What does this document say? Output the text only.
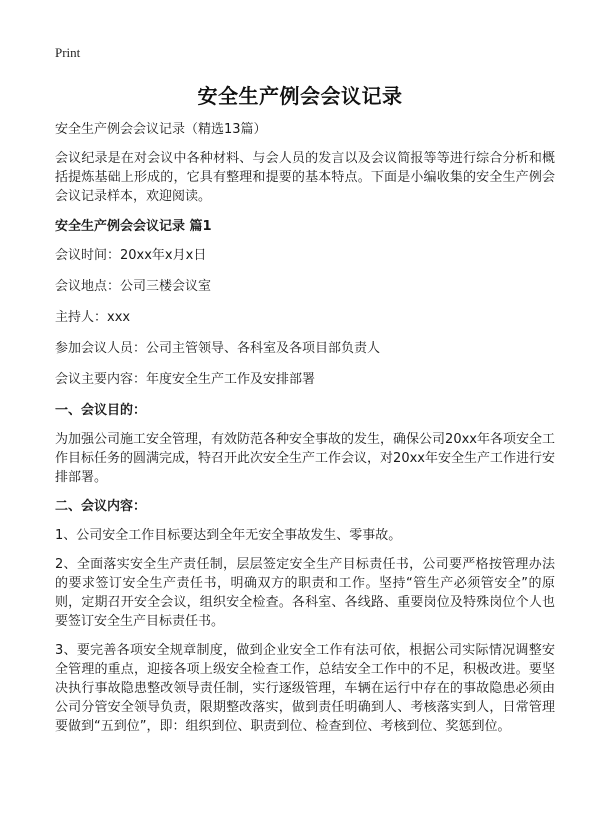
Print
安全生产例会会议记录

安全生产例会会议记录（精选13篇）

会议纪录是在对会议中各种材料、与会人员的发言以及会议简报等等进行综合分析和概括提炼基础上形成的，它具有整理和提要的基本特点。下面是小编收集的安全生产例会会议记录样本，欢迎阅读。

安全生产例会会议记录 篇1

会议时间：20xx年x月x日

会议地点：公司三楼会议室

主持人：xxx

参加会议人员：公司主管领导、各科室及各项目部负责人

会议主要内容：年度安全生产工作及安排部署

一、会议目的：

为加强公司施工安全管理，有效防范各种安全事故的发生，确保公司20xx年各项安全工作目标任务的圆满完成，特召开此次安全生产工作会议，对20xx年安全生产工作进行安排部署。

二、会议内容：

1、公司安全工作目标要达到全年无安全事故发生、零事故。

2、全面落实安全生产责任制，层层签定安全生产目标责任书，公司要严格按管理办法的要求签订安全生产责任书，明确双方的职责和工作。坚持“管生产必须管安全”的原则，定期召开安全会议，组织安全检查。各科室、各线路、重要岗位及特殊岗位个人也要签订安全生产目标责任书。

3、要完善各项安全规章制度，做到企业安全工作有法可依，根据公司实际情况调整安全管理的重点，迎接各项上级安全检查工作，总结安全工作中的不足，积极改进。要坚决执行事故隐患整改领导责任制，实行逐级管理，车辆在运行中存在的事故隐患必须由公司分管安全领导负责，限期整改落实，做到责任明确到人、考核落实到人，日常管理要做到“五到位”，即：组织到位、职责到位、检查到位、考核到位、奖惩到位。
